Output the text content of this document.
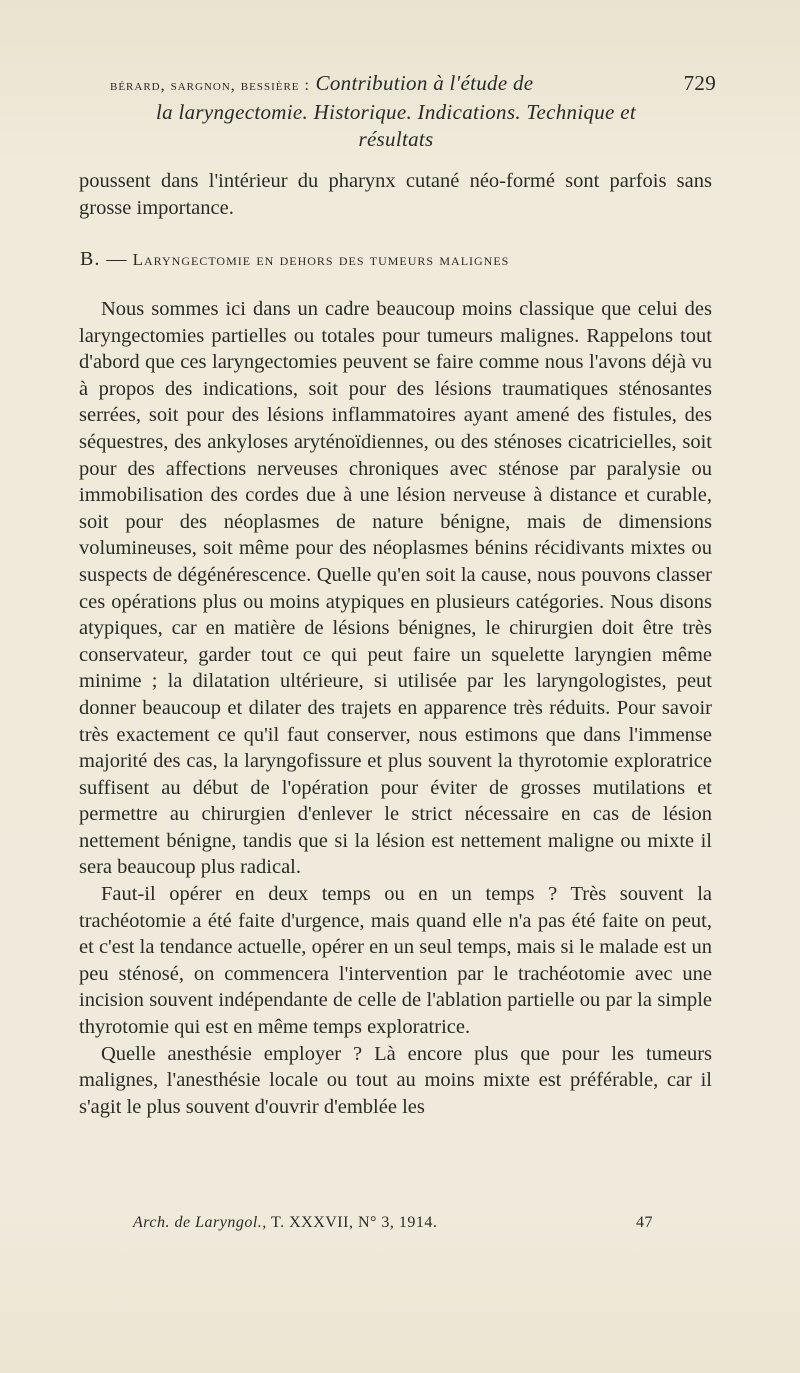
bérard, sargnon, bessière : Contribution à l'étude de	729
la laryngectomie. Historique. Indications. Technique et
résultats
poussent dans l'intérieur du pharynx cutané néo-formé sont parfois sans grosse importance.
B. — Laryngectomie en dehors des tumeurs malignes

Nous sommes ici dans un cadre beaucoup moins classique que celui des laryngectomies partielles ou totales pour tumeurs malignes. Rappelons tout d'abord que ces laryngectomies peuvent se faire comme nous l'avons déjà vu à propos des indications, soit pour des lésions traumatiques sténosantes serrées, soit pour des lésions inflammatoires ayant amené des fistules, des séquestres, des ankyloses aryténoïdiennes, ou des sténoses cicatricielles, soit pour des affections nerveuses chroniques avec sténose par paralysie ou immobilisation des cordes due à une lésion nerveuse à distance et curable, soit pour des néoplasmes de nature bénigne, mais de dimensions volumineuses, soit même pour des néoplasmes bénins récidivants mixtes ou suspects de dégénérescence. Quelle qu'en soit la cause, nous pouvons classer ces opérations plus ou moins atypiques en plusieurs catégories. Nous disons atypiques, car en matière de lésions bénignes, le chirurgien doit être très conservateur, garder tout ce qui peut faire un squelette laryngien même minime ; la dilatation ultérieure, si utilisée par les laryngologistes, peut donner beaucoup et dilater des trajets en apparence très réduits. Pour savoir très exactement ce qu'il faut conserver, nous estimons que dans l'immense majorité des cas, la laryngofissure et plus souvent la thyrotomie exploratrice suffisent au début de l'opération pour éviter de grosses mutilations et permettre au chirurgien d'enlever le strict nécessaire en cas de lésion nettement bénigne, tandis que si la lésion est nettement maligne ou mixte il sera beaucoup plus radical.

Faut-il opérer en deux temps ou en un temps ? Très souvent la trachéotomie a été faite d'urgence, mais quand elle n'a pas été faite on peut, et c'est la tendance actuelle, opérer en un seul temps, mais si le malade est un peu sténosé, on commencera l'intervention par le trachéotomie avec une incision souvent indépendante de celle de l'ablation partielle ou par la simple thyrotomie qui est en même temps exploratrice.

Quelle anesthésie employer ? Là encore plus que pour les tumeurs malignes, l'anesthésie locale ou tout au moins mixte est préférable, car il s'agit le plus souvent d'ouvrir d'emblée les

Arch. de Laryngol., T. XXXVII, N° 3, 1914.	47
